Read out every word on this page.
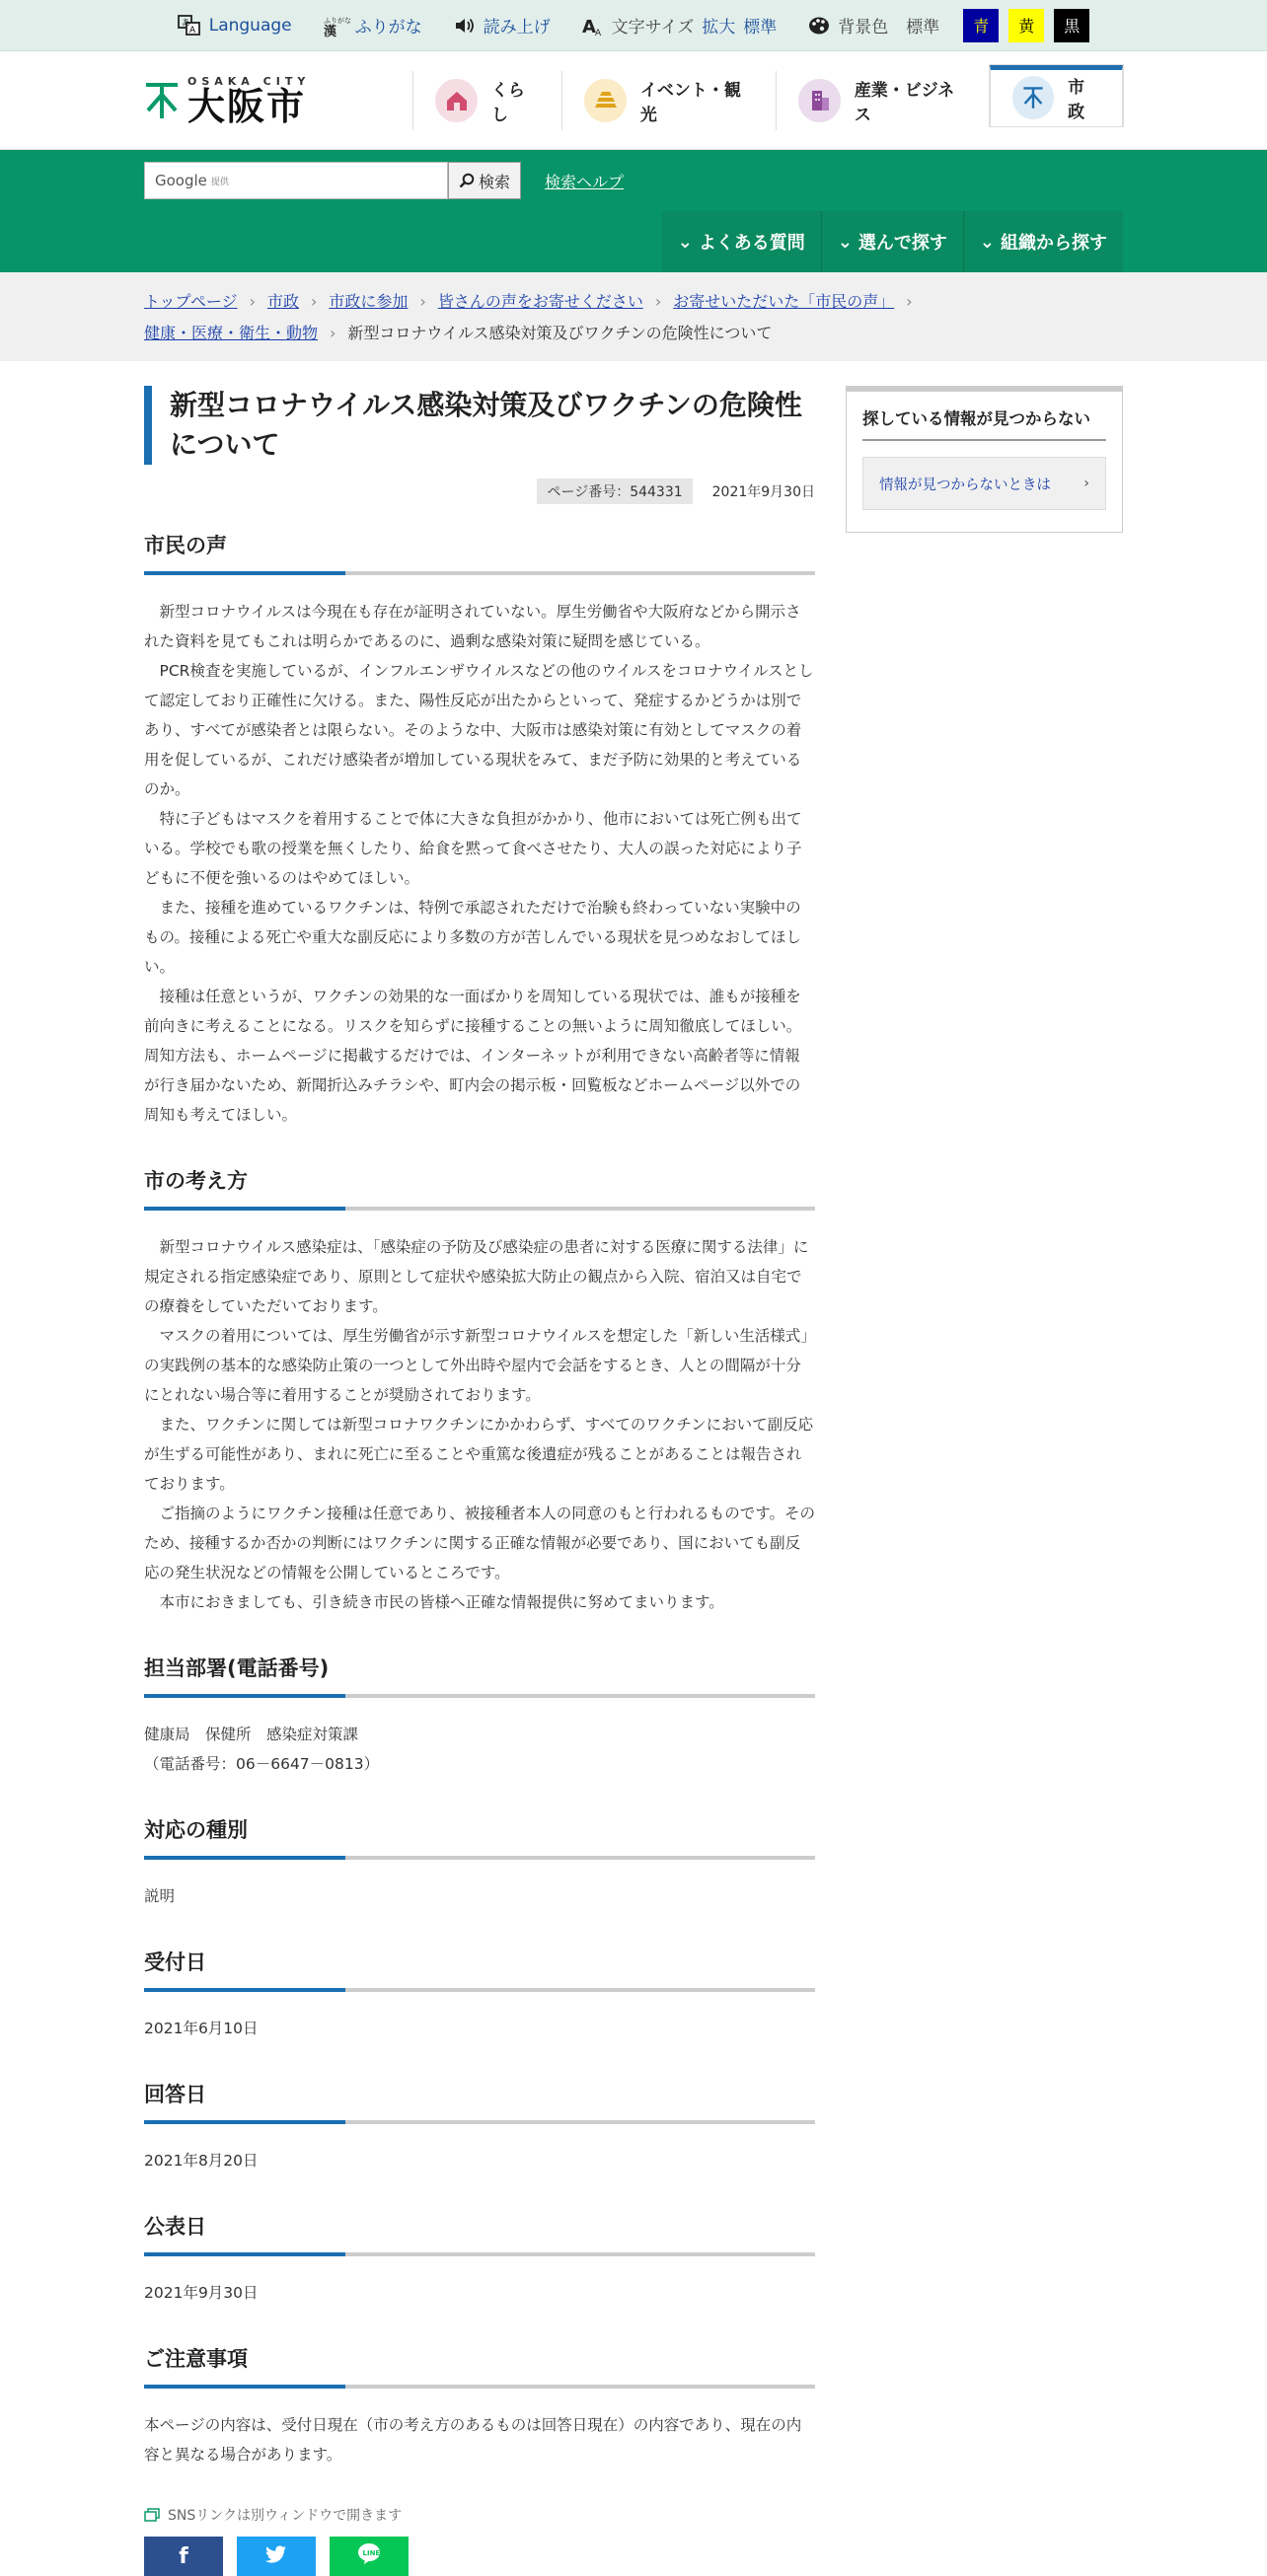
あ
A Language	ふりがな
漢 ふりがな	読み上げ A A 文字サイズ 拡大 標準	背景色 標準	青	黄	黒
OSAKA CITY
大阪市	くらし
イベント・観光
産業・ビジネス
市政
Google 提供	検索 検索ヘルプ
⌄ よくある質問 ⌄ 選んで探す ⌄ 組織から探す
トップページ › 市政 › 市政に参加 › 皆さんの声をお寄せください › お寄せいただいた「市民の声」 ›
健康・医療・衛生・動物 › 新型コロナウイルス感染対策及びワクチンの危険性について
新型コロナウイルス感染対策及びワクチンの危険性について
ページ番号：544331	2021年9月30日
市民の声

新型コロナウイルスは今現在も存在が証明されていない。厚生労働省や大阪府などから開示された資料を見てもこれは明らかであるのに、過剰な感染対策に疑問を感じている。

PCR検査を実施しているが、インフルエンザウイルスなどの他のウイルスをコロナウイルスとして認定しており正確性に欠ける。また、陽性反応が出たからといって、発症するかどうかは別であり、すべてが感染者とは限らない。そのような中、大阪市は感染対策に有効としてマスクの着用を促しているが、これだけ感染者が増加している現状をみて、まだ予防に効果的と考えているのか。

特に子どもはマスクを着用することで体に大きな負担がかかり、他市においては死亡例も出ている。学校でも歌の授業を無くしたり、給食を黙って食べさせたり、大人の誤った対応により子どもに不便を強いるのはやめてほしい。

また、接種を進めているワクチンは、特例で承認されただけで治験も終わっていない実験中のもの。接種による死亡や重大な副反応により多数の方が苦しんでいる現状を見つめなおしてほしい。

接種は任意というが、ワクチンの効果的な一面ばかりを周知している現状では、誰もが接種を前向きに考えることになる。リスクを知らずに接種することの無いように周知徹底してほしい。周知方法も、ホームページに掲載するだけでは、インターネットが利用できない高齢者等に情報が行き届かないため、新聞折込みチラシや、町内会の掲示板・回覧板などホームページ以外での周知も考えてほしい。

市の考え方

新型コロナウイルス感染症は、「感染症の予防及び感染症の患者に対する医療に関する法律」に規定される指定感染症であり、原則として症状や感染拡大防止の観点から入院、宿泊又は自宅での療養をしていただいております。

マスクの着用については、厚生労働省が示す新型コロナウイルスを想定した「新しい生活様式」の実践例の基本的な感染防止策の一つとして外出時や屋内で会話をするとき、人との間隔が十分にとれない場合等に着用することが奨励されております。

また、ワクチンに関しては新型コロナワクチンにかかわらず、すべてのワクチンにおいて副反応が生ずる可能性があり、まれに死亡に至ることや重篤な後遺症が残ることがあることは報告されております。

ご指摘のようにワクチン接種は任意であり、被接種者本人の同意のもと行われるものです。そのため、接種するか否かの判断にはワクチンに関する正確な情報が必要であり、国においても副反応の発生状況などの情報を公開しているところです。

本市におきましても、引き続き市民の皆様へ正確な情報提供に努めてまいります。

担当部署(電話番号)

健康局　保健所　感染症対策課

（電話番号：06－6647－0813）

対応の種別

説明

受付日

2021年6月10日

回答日

2021年8月20日

公表日

2021年9月30日

ご注意事項

本ページの内容は、受付日現在（市の考え方のあるものは回答日現在）の内容であり、現在の内容と異なる場合があります。

SNSリンクは別ウィンドウで開きます
f	LINE
探している情報が見つからない
情報が見つからないときは ›
